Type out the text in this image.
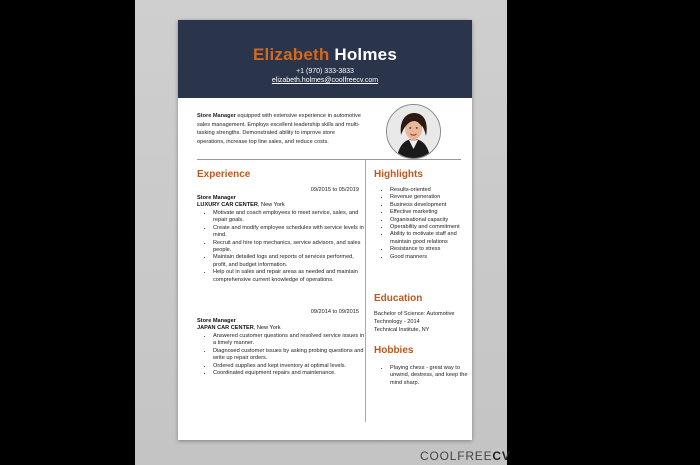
Elizabeth Holmes
+1 (970) 333-3833
elizabeth.holmes@coolfreecv.com
Store Manager equipped with extensive experience in automotive sales management. Employs excellent leadership skills and multi-tasking strengths. Demonstrated ability to improve store operations, increase top line sales, and reduce costs.
Experience
09/2015 to 05/2019
Store Manager
LUXURY CAR CENTER, New York
• Motivate and coach employees to meet service, sales, and repair goals.
• Create and modify employee schedules with service levels in mind.
• Recruit and hire top mechanics, service advisors, and sales people.
• Maintain detailed logs and reports of services performed, profit, and budget information.
• Help out in sales and repair areas as needed and maintain comprehensive current knowledge of operations.
09/2014 to 09/2015
Store Manager
JAPAN CAR CENTER, New York
• Answered customer questions and resolved service issues in a timely manner.
• Diagnosed customer issues by asking probing questions and write up repair orders.
• Ordered supplies and kept inventory at optimal levels.
• Coordinated equipment repairs and maintenance.
Highlights
• Results-oriented
• Revenue generation
• Business development
• Effective marketing
• Organisational capacity
• Operability and commitment
• Ability to motivate staff and maintain good relations
• Resistance to stress
• Good manners
Education
Bachelor of Science: Automotive Technology - 2014
Technical Institute, NY
Hobbies
• Playing chess - great way to unwind, destress, and keep the mind sharp.
COOLFREECV
